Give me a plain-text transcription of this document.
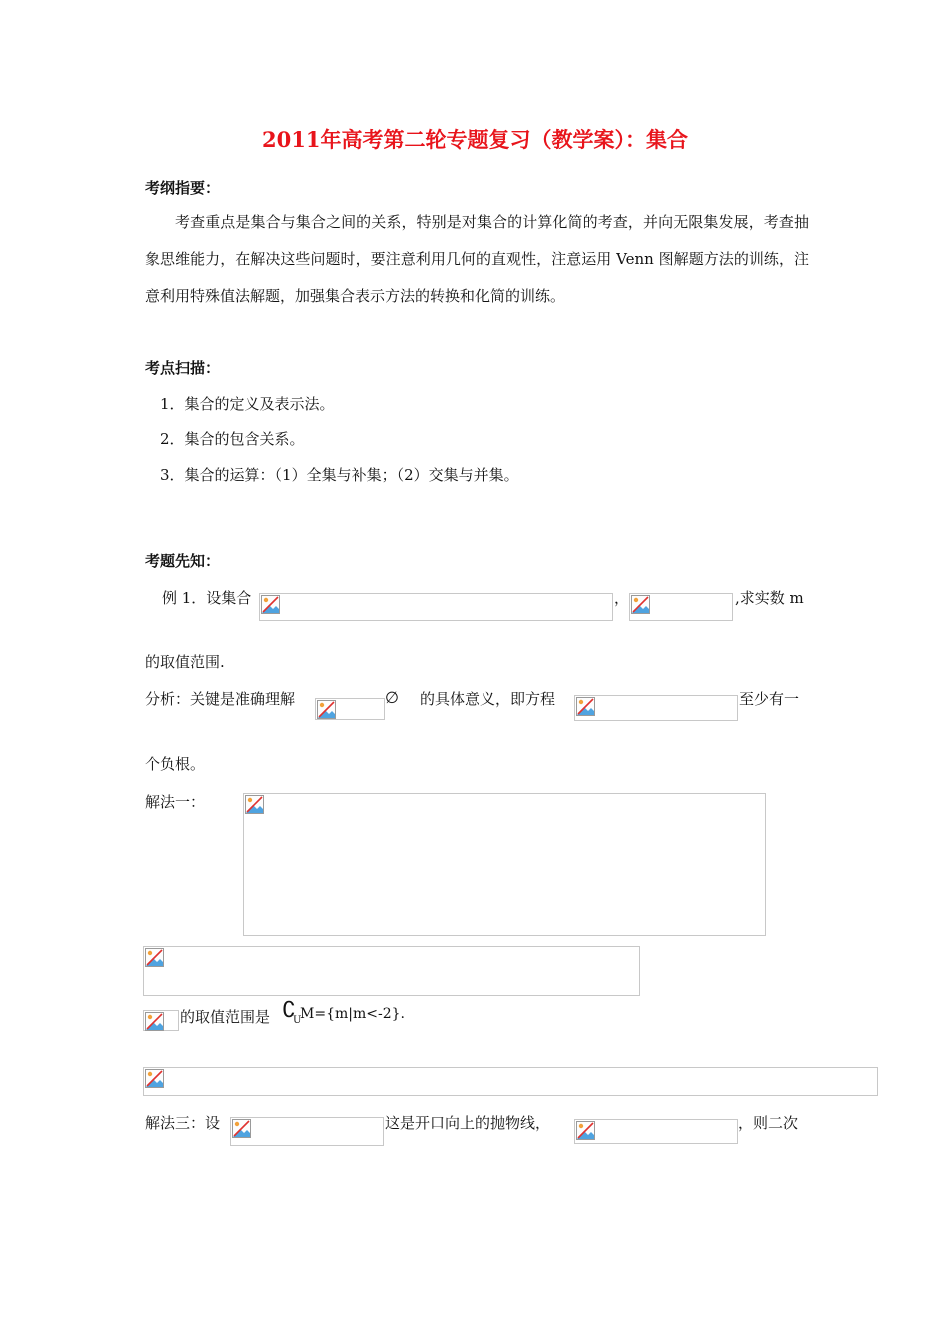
2011年高考第二轮专题复习（教学案）：集合
考纲指要：
考查重点是集合与集合之间的关系，特别是对集合的计算化简的考查，并向无限集发展，考查抽象思维能力，在解决这些问题时，要注意利用几何的直观性，注意运用 Venn 图解题方法的训练，注意利用特殊值法解题，加强集合表示方法的转换和化简的训练。
考点扫描：
1．集合的定义及表示法。
2．集合的包含关系。
3．集合的运算：（1）全集与补集；（2）交集与并集。
考题先知：
例 1．设集合	，	,求实数 m
的取值范围.
分析：关键是准确理解	∅ 的具体意义，即方程	至少有一
个负根。
解法一：
的取值范围是 ∁
U
M={m|m<-2}.
解法三：设	这是开口向上的抛物线，	，则二次
